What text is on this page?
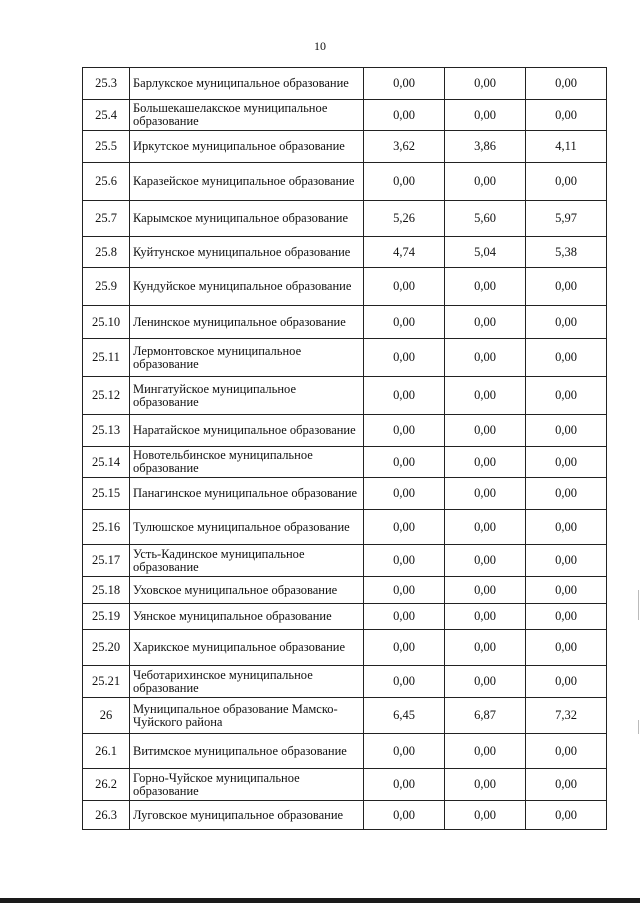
10
25.3	Барлукское муниципальное образование	0,00	0,00	0,00
25.4	Большекашелакское муниципальное образование	0,00	0,00	0,00
25.5	Иркутское муниципальное образование	3,62	3,86	4,11
25.6	Каразейское муниципальное образование	0,00	0,00	0,00
25.7	Карымское муниципальное образование	5,26	5,60	5,97
25.8	Куйтунское муниципальное образование	4,74	5,04	5,38
25.9	Кундуйское муниципальное образование	0,00	0,00	0,00
25.10	Ленинское муниципальное образование	0,00	0,00	0,00
25.11	Лермонтовское муниципальное образование	0,00	0,00	0,00
25.12	Мингатуйское муниципальное образование	0,00	0,00	0,00
25.13	Наратайское муниципальное образование	0,00	0,00	0,00
25.14	Новотельбинское муниципальное образование	0,00	0,00	0,00
25.15	Панагинское муниципальное образование	0,00	0,00	0,00
25.16	Тулюшское муниципальное образование	0,00	0,00	0,00
25.17	Усть-Кадинское муниципальное образование	0,00	0,00	0,00
25.18	Уховское муниципальное образование	0,00	0,00	0,00
25.19	Уянское муниципальное образование	0,00	0,00	0,00
25.20	Харикское муниципальное образование	0,00	0,00	0,00
25.21	Чеботарихинское муниципальное образование	0,00	0,00	0,00
26	Муниципальное образование Мамско-Чуйского района	6,45	6,87	7,32
26.1	Витимское муниципальное образование	0,00	0,00	0,00
26.2	Горно-Чуйское муниципальное образование	0,00	0,00	0,00
26.3	Луговское муниципальное образование	0,00	0,00	0,00
